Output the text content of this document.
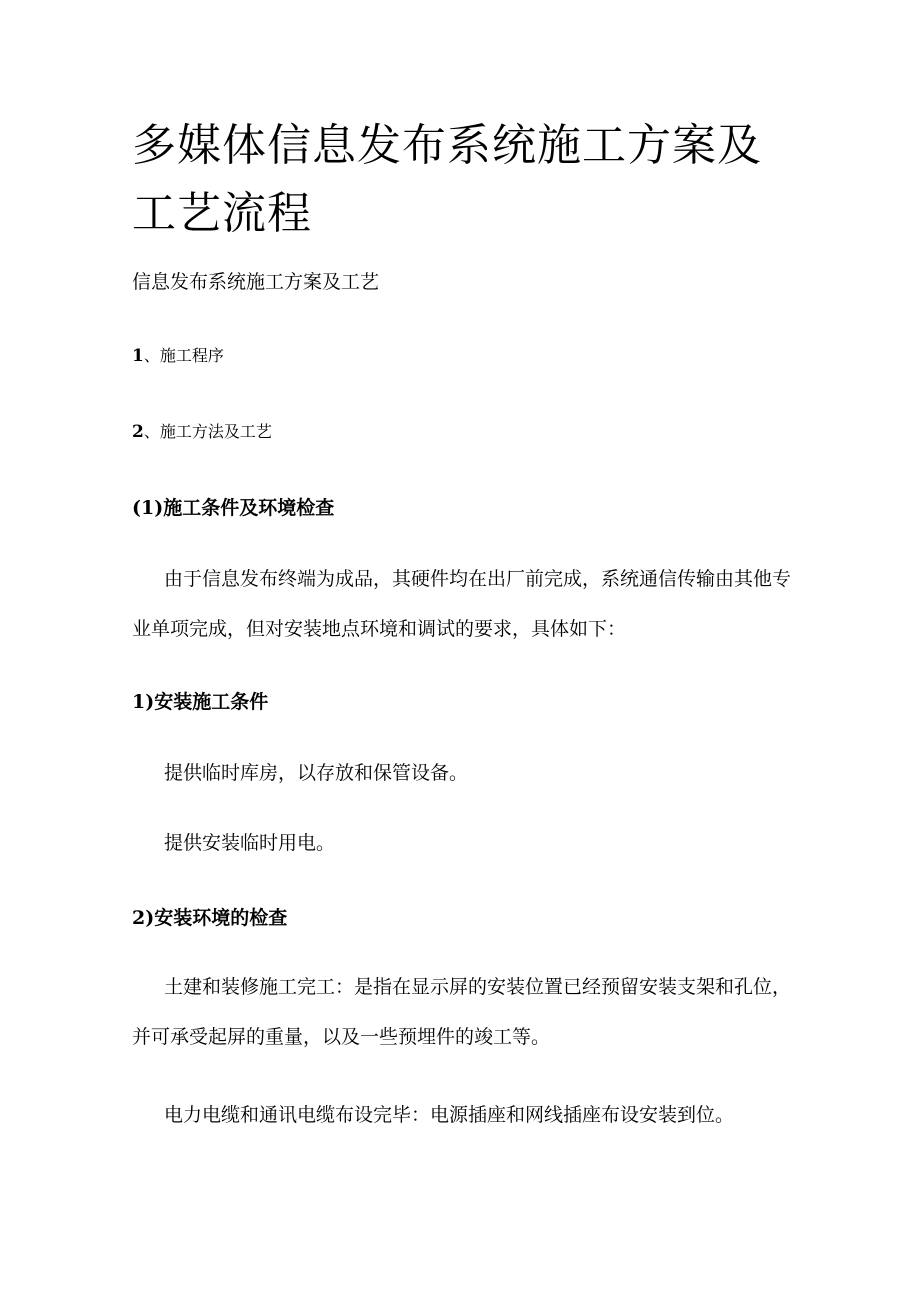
多媒体信息发布系统施工方案及工艺流程
信息发布系统施工方案及工艺
1、施工程序
2、施工方法及工艺
(1)施工条件及环境检查

由于信息发布终端为成品，其硬件均在出厂前完成，系统通信传输由其他专业单项完成，但对安装地点环境和调试的要求，具体如下：

1)安装施工条件

提供临时库房，以存放和保管设备。

提供安装临时用电。

2)安装环境的检查

土建和装修施工完工：是指在显示屏的安装位置已经预留安装支架和孔位，并可承受起屏的重量，以及一些预埋件的竣工等。

电力电缆和通讯电缆布设完毕：电源插座和网线插座布设安装到位。
